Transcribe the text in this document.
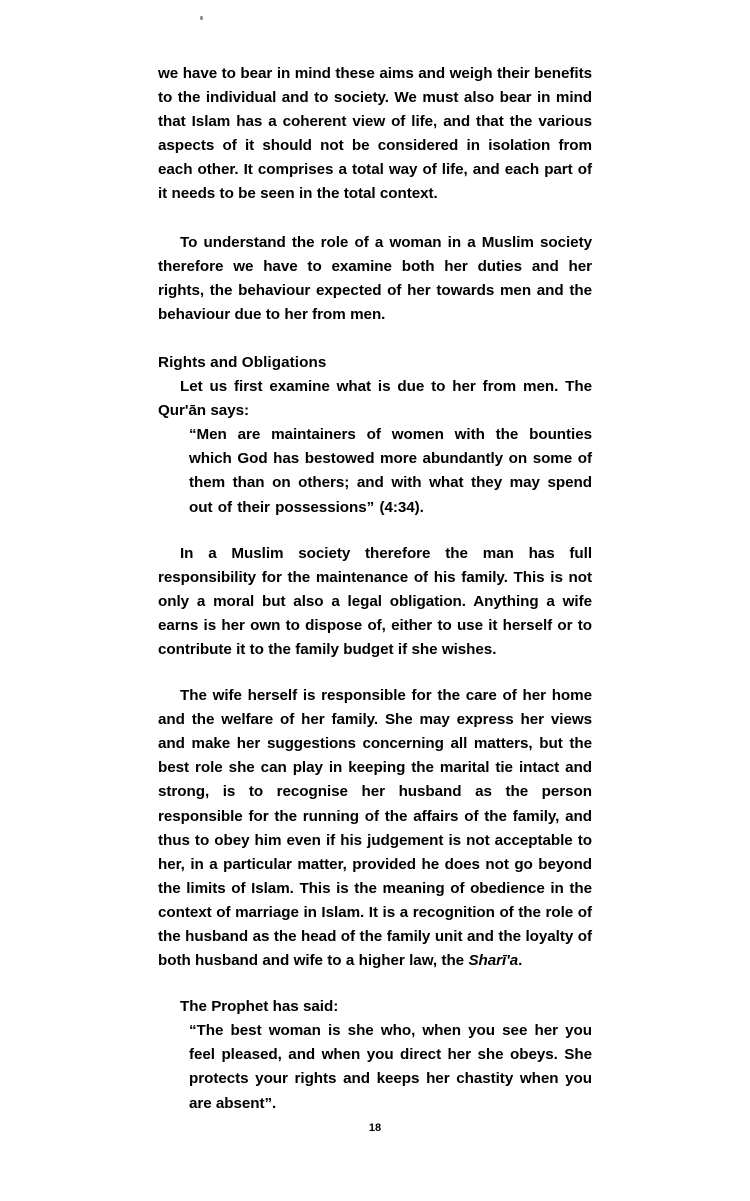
we have to bear in mind these aims and weigh their benefits to the individual and to society. We must also bear in mind that Islam has a coherent view of life, and that the various aspects of it should not be considered in isolation from each other. It comprises a total way of life, and each part of it needs to be seen in the total context.

To understand the role of a woman in a Muslim society therefore we have to examine both her duties and her rights, the behaviour expected of her towards men and the behaviour due to her from men.

Rights and Obligations

Let us first examine what is due to her from men. The Qur'ān says:

“Men are maintainers of women with the bounties which God has bestowed more abundantly on some of them than on others; and with what they may spend out of their possessions” (4:34).

In a Muslim society therefore the man has full responsibility for the maintenance of his family. This is not only a moral but also a legal obligation. Anything a wife earns is her own to dispose of, either to use it herself or to contribute it to the family budget if she wishes.

The wife herself is responsible for the care of her home and the welfare of her family. She may express her views and make her suggestions concerning all matters, but the best role she can play in keeping the marital tie intact and strong, is to recognise her husband as the person responsible for the running of the affairs of the family, and thus to obey him even if his judgement is not acceptable to her, in a particular matter, provided he does not go beyond the limits of Islam. This is the meaning of obedience in the context of marriage in Islam. It is a recognition of the role of the husband as the head of the family unit and the loyalty of both husband and wife to a higher law, the Sharī'a.

The Prophet has said:

“The best woman is she who, when you see her you feel pleased, and when you direct her she obeys. She protects your rights and keeps her chastity when you are absent”.

18
